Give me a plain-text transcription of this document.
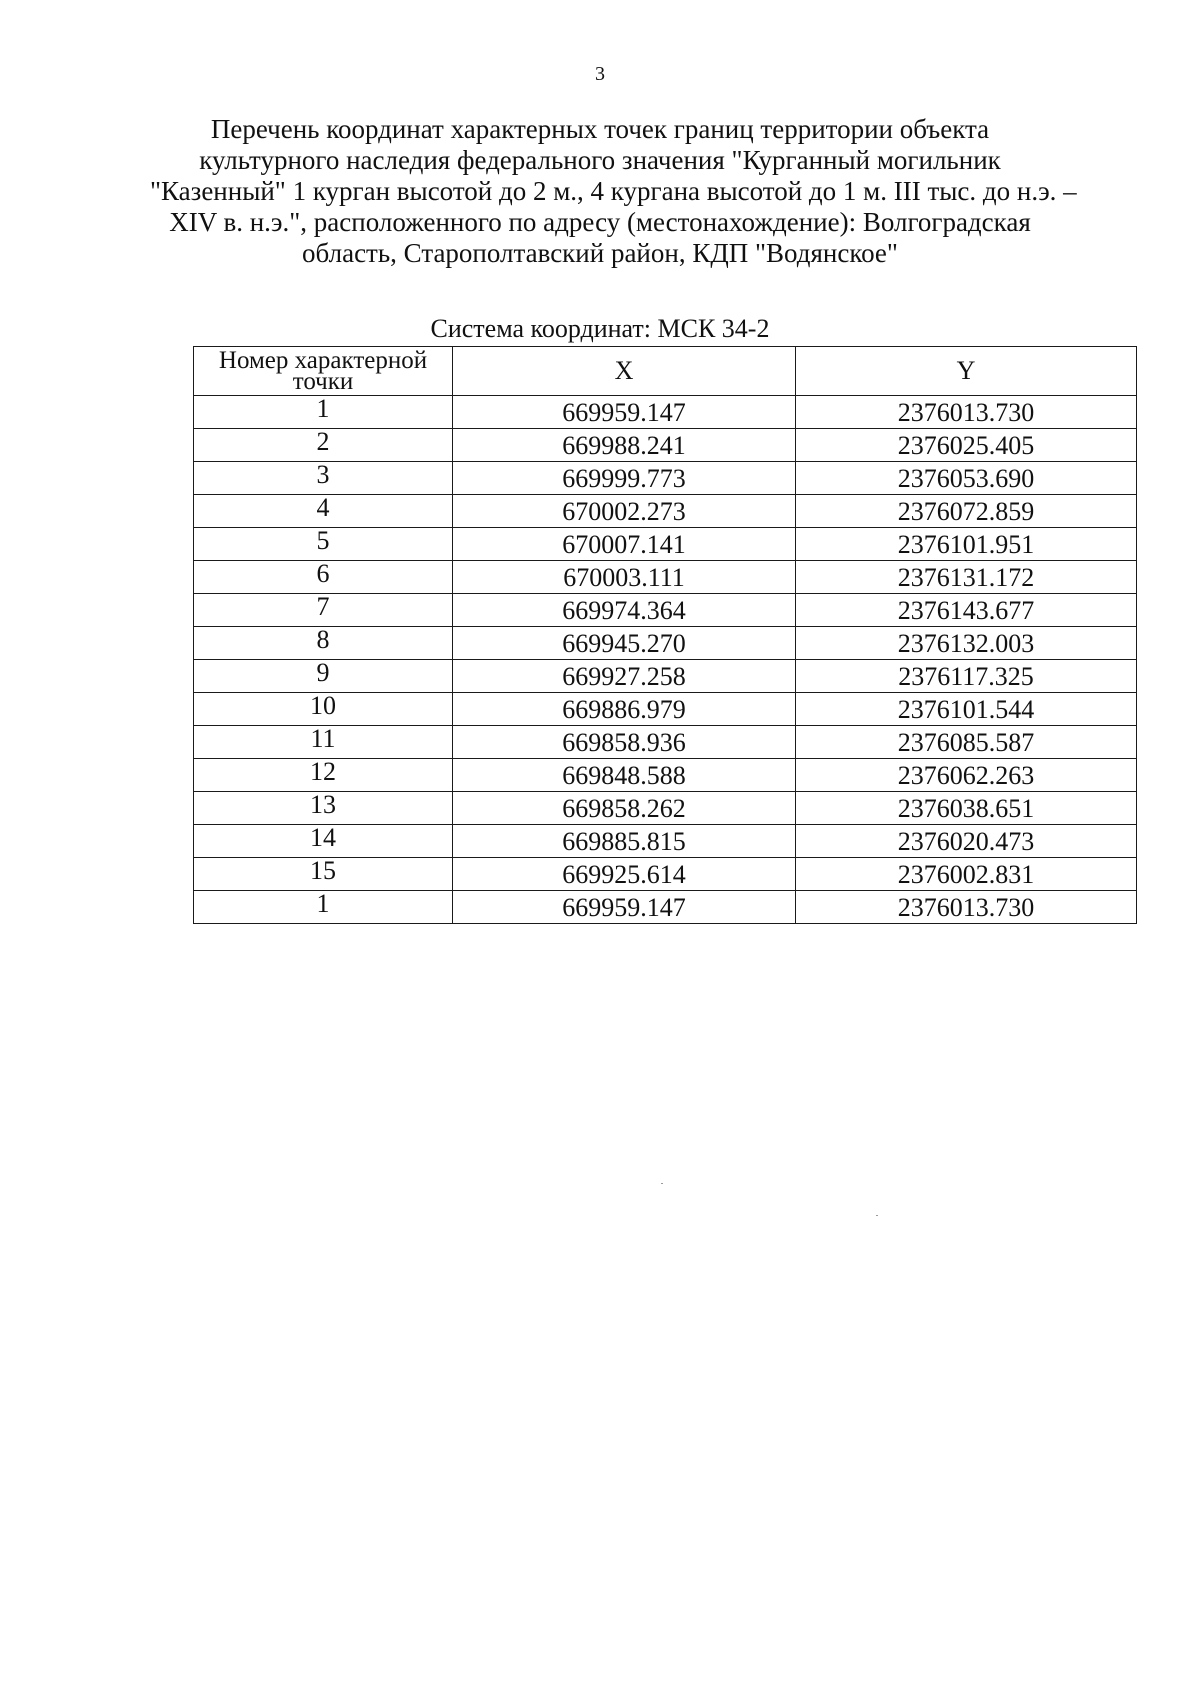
3
Перечень координат характерных точек границ территории объекта
культурного наследия федерального значения "Курганный могильник
"Казенный" 1 курган высотой до 2 м., 4 кургана высотой до 1 м. III тыс. до н.э. –
XIV в. н.э.", расположенного по адресу (местонахождение): Волгоградская
область, Старополтавский район, КДП "Водянское"
Система координат: МСК 34-2
Номер характерной
точки	X	Y
1	669959.147	2376013.730
2	669988.241	2376025.405
3	669999.773	2376053.690
4	670002.273	2376072.859
5	670007.141	2376101.951
6	670003.111	2376131.172
7	669974.364	2376143.677
8	669945.270	2376132.003
9	669927.258	2376117.325
10	669886.979	2376101.544
11	669858.936	2376085.587
12	669848.588	2376062.263
13	669858.262	2376038.651
14	669885.815	2376020.473
15	669925.614	2376002.831
1	669959.147	2376013.730
